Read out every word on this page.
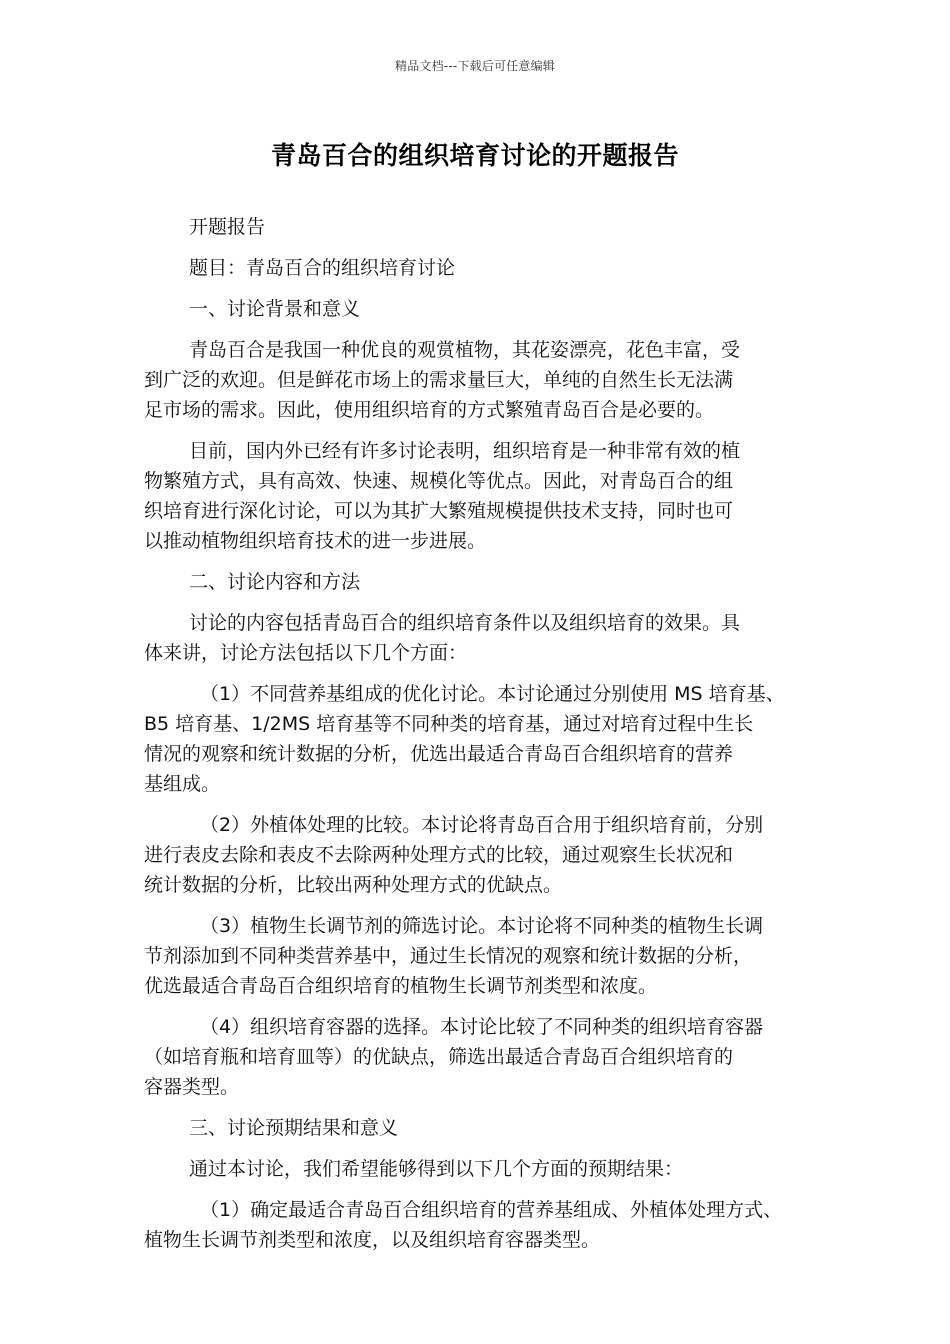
精品文档---下载后可任意编辑
青岛百合的组织培育讨论的开题报告

开题报告

题目：青岛百合的组织培育讨论

一、讨论背景和意义

青岛百合是我国一种优良的观赏植物，其花姿漂亮，花色丰富，受
到广泛的欢迎。但是鲜花市场上的需求量巨大，单纯的自然生长无法满
足市场的需求。因此，使用组织培育的方式繁殖青岛百合是必要的。

目前，国内外已经有许多讨论表明，组织培育是一种非常有效的植
物繁殖方式，具有高效、快速、规模化等优点。因此，对青岛百合的组
织培育进行深化讨论，可以为其扩大繁殖规模提供技术支持，同时也可
以推动植物组织培育技术的进一步进展。

二、讨论内容和方法

讨论的内容包括青岛百合的组织培育条件以及组织培育的效果。具
体来讲，讨论方法包括以下几个方面：

（1）不同营养基组成的优化讨论。本讨论通过分别使用 MS 培育基、
B5 培育基、1/2MS 培育基等不同种类的培育基，通过对培育过程中生长
情况的观察和统计数据的分析，优选出最适合青岛百合组织培育的营养
基组成。

（2）外植体处理的比较。本讨论将青岛百合用于组织培育前，分别
进行表皮去除和表皮不去除两种处理方式的比较，通过观察生长状况和
统计数据的分析，比较出两种处理方式的优缺点。

（3）植物生长调节剂的筛选讨论。本讨论将不同种类的植物生长调
节剂添加到不同种类营养基中，通过生长情况的观察和统计数据的分析，
优选最适合青岛百合组织培育的植物生长调节剂类型和浓度。

（4）组织培育容器的选择。本讨论比较了不同种类的组织培育容器
（如培育瓶和培育皿等）的优缺点，筛选出最适合青岛百合组织培育的
容器类型。

三、讨论预期结果和意义

通过本讨论，我们希望能够得到以下几个方面的预期结果：

（1）确定最适合青岛百合组织培育的营养基组成、外植体处理方式、
植物生长调节剂类型和浓度，以及组织培育容器类型。
